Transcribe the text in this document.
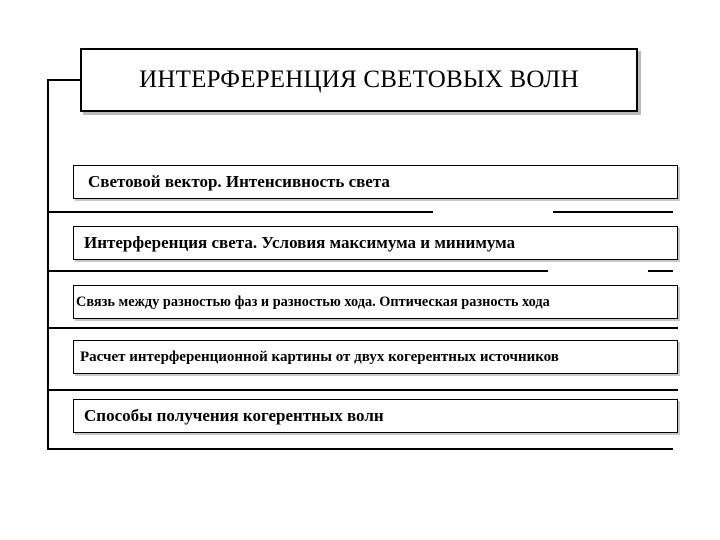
ИНТЕРФЕРЕНЦИЯ СВЕТОВЫХ ВОЛН
Световой вектор. Интенсивность света
Интерференция света. Условия максимума и минимума
Связь между разностью фаз и разностью хода. Оптическая разность хода
Расчет интерференционной картины от двух когерентных источников
Способы получения когерентных волн
